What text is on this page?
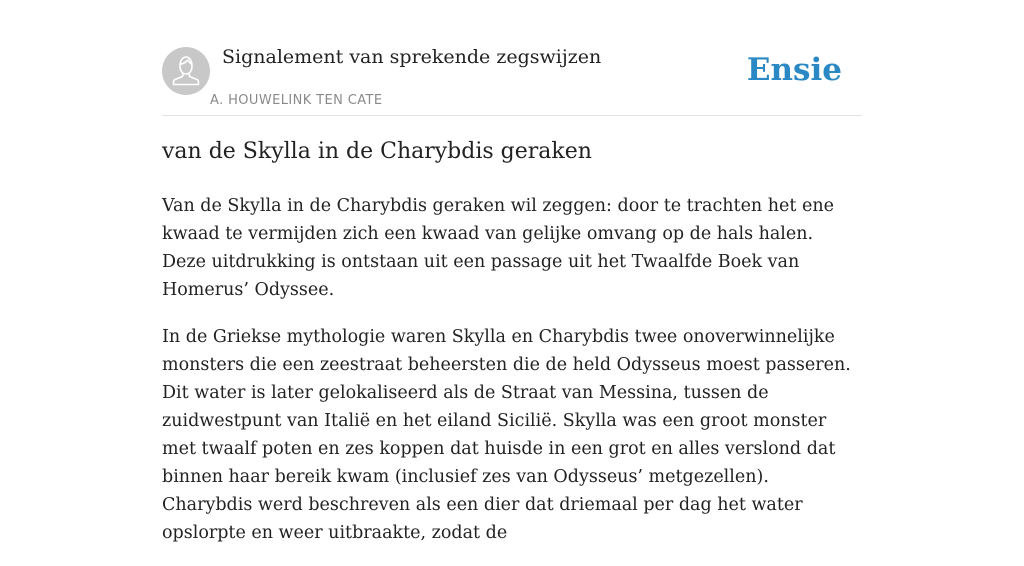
Signalement van sprekende zegswijzen
A. HOUWELINK TEN CATE
Ensie
van de Skylla in de Charybdis geraken

Van de Skylla in de Charybdis geraken wil zeggen: door te trachten het ene kwaad te vermijden zich een kwaad van gelijke omvang op de hals halen. Deze uitdrukking is ontstaan uit een passage uit het Twaalfde Boek van Homerus’ Odyssee.

In de Griekse mythologie waren Skylla en Charybdis twee onoverwinnelijke monsters die een zeestraat beheersten die de held Odysseus moest passeren. Dit water is later gelokaliseerd als de Straat van Messina, tussen de zuidwestpunt van Italië en het eiland Sicilië. Skylla was een groot monster met twaalf poten en zes koppen dat huisde in een grot en alles verslond dat binnen haar bereik kwam (inclusief zes van Odysseus’ metgezellen). Charybdis werd beschreven als een dier dat driemaal per dag het water opslorpte en weer uitbraakte, zodat de
